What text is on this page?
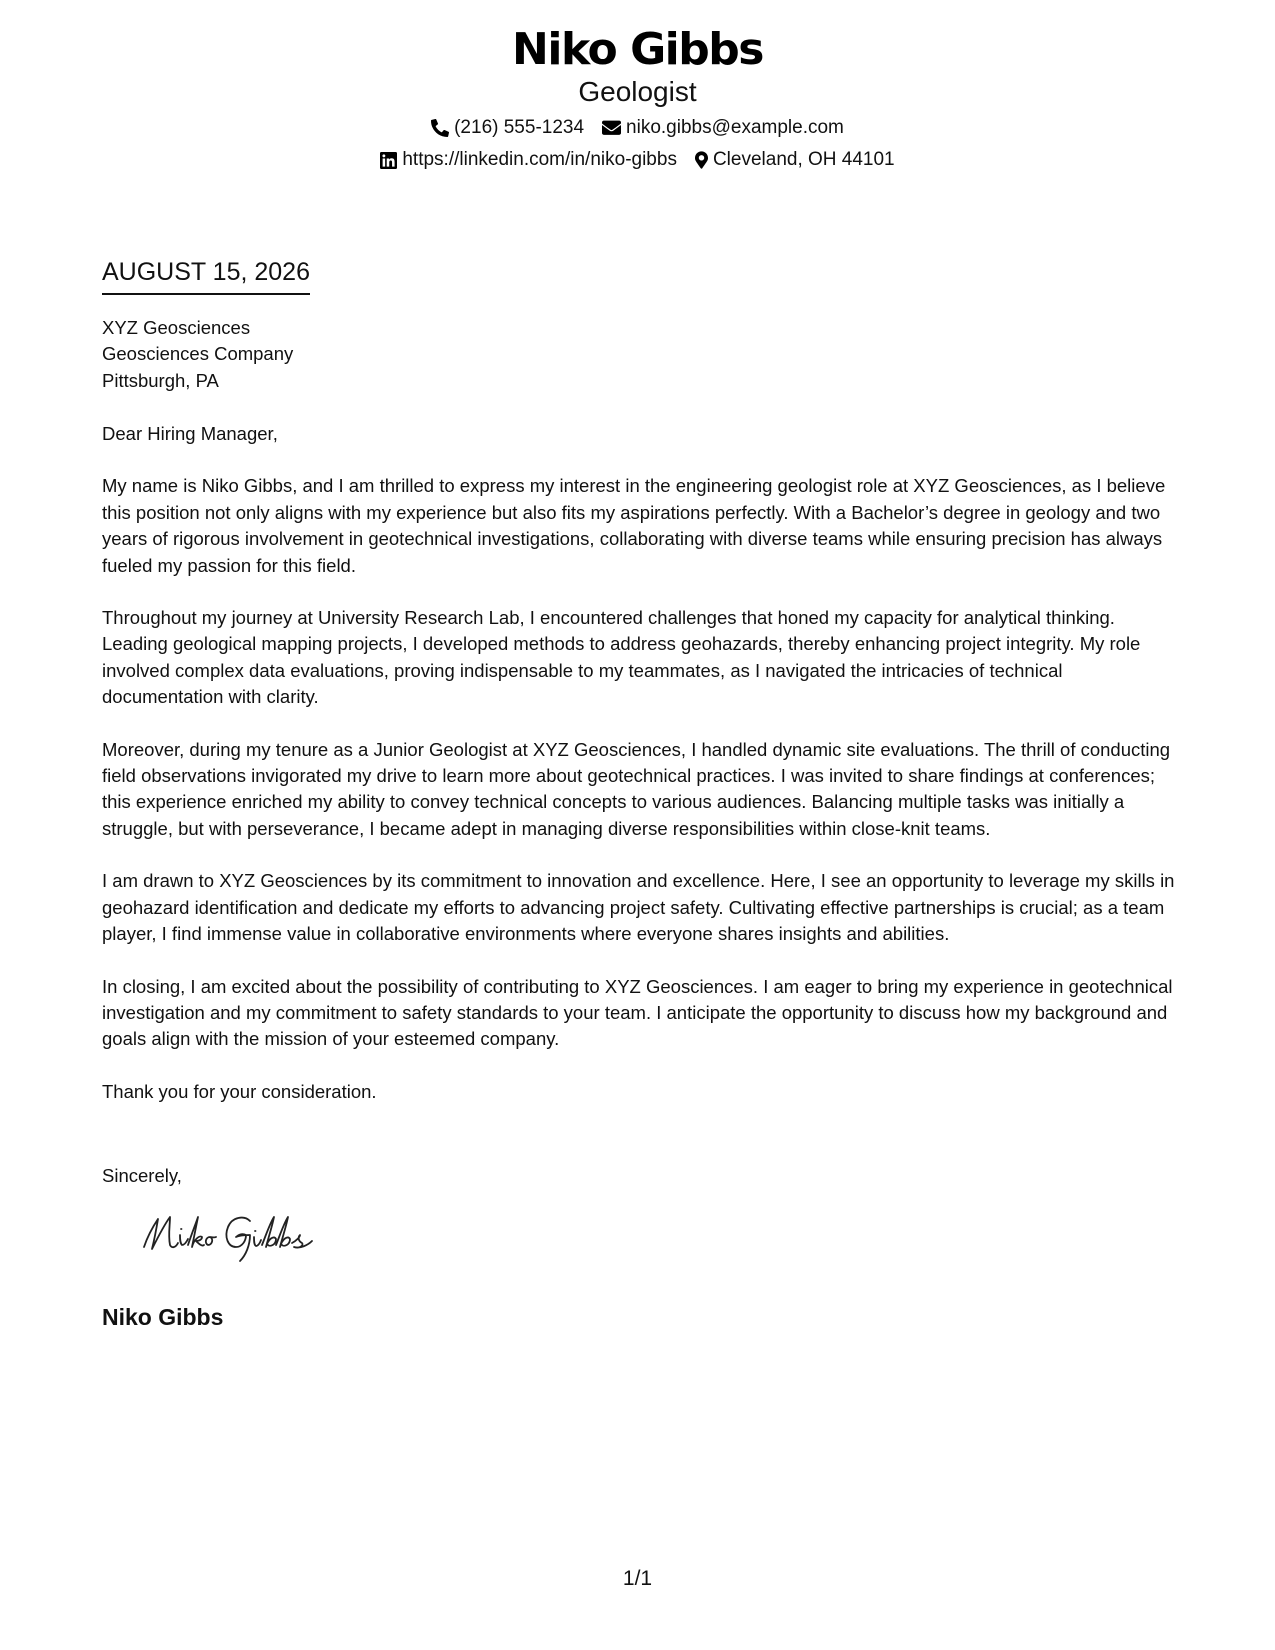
Niko Gibbs
Geologist
(216) 555-1234 niko.gibbs@example.com
https://linkedin.com/in/niko-gibbs Cleveland, OH 44101
AUGUST 15, 2026
XYZ Geosciences
Geosciences Company
Pittsburgh, PA

Dear Hiring Manager,

My name is Niko Gibbs, and I am thrilled to express my interest in the engineering geologist role at XYZ Geosciences, as I believe this position not only aligns with my experience but also fits my aspirations perfectly. With a Bachelor’s degree in geology and two years of rigorous involvement in geotechnical investigations, collaborating with diverse teams while ensuring precision has always fueled my passion for this field.

Throughout my journey at University Research Lab, I encountered challenges that honed my capacity for analytical thinking. Leading geological mapping projects, I developed methods to address geohazards, thereby enhancing project integrity. My role involved complex data evaluations, proving indispensable to my teammates, as I navigated the intricacies of technical documentation with clarity.

Moreover, during my tenure as a Junior Geologist at XYZ Geosciences, I handled dynamic site evaluations. The thrill of conducting field observations invigorated my drive to learn more about geotechnical practices. I was invited to share findings at conferences; this experience enriched my ability to convey technical concepts to various audiences. Balancing multiple tasks was initially a struggle, but with perseverance, I became adept in managing diverse responsibilities within close-knit teams.

I am drawn to XYZ Geosciences by its commitment to innovation and excellence. Here, I see an opportunity to leverage my skills in geohazard identification and dedicate my efforts to advancing project safety. Cultivating effective partnerships is crucial; as a team player, I find immense value in collaborative environments where everyone shares insights and abilities.

In closing, I am excited about the possibility of contributing to XYZ Geosciences. I am eager to bring my experience in geotechnical investigation and my commitment to safety standards to your team. I anticipate the opportunity to discuss how my background and goals align with the mission of your esteemed company.

Thank you for your consideration.

Sincerely,
Niko Gibbs
1/1
